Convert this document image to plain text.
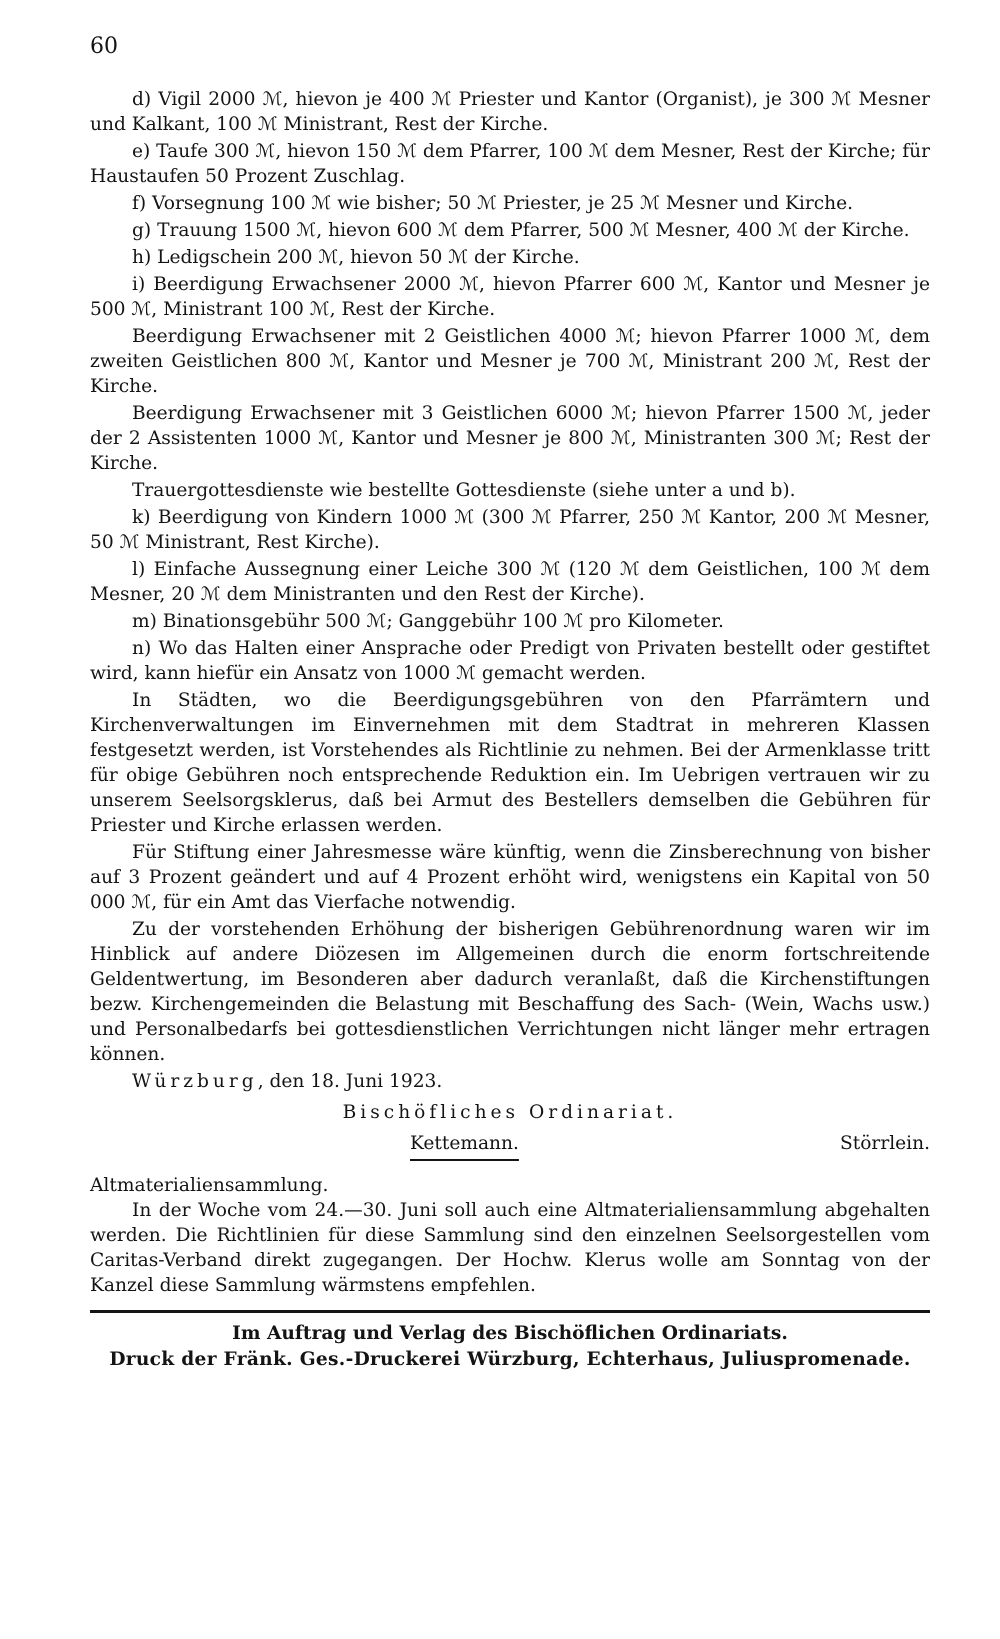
60

d) Vigil 2000 ℳ, hievon je 400 ℳ Priester und Kantor (Organist), je 300 ℳ Mesner und Kalkant, 100 ℳ Ministrant, Rest der Kirche.

e) Taufe 300 ℳ, hievon 150 ℳ dem Pfarrer, 100 ℳ dem Mesner, Rest der Kirche; für Haustaufen 50 Prozent Zuschlag.

f) Vorsegnung 100 ℳ wie bisher; 50 ℳ Priester, je 25 ℳ Mesner und Kirche.

g) Trauung 1500 ℳ, hievon 600 ℳ dem Pfarrer, 500 ℳ Mesner, 400 ℳ der Kirche.

h) Ledigschein 200 ℳ, hievon 50 ℳ der Kirche.

i) Beerdigung Erwachsener 2000 ℳ, hievon Pfarrer 600 ℳ, Kantor und Mesner je 500 ℳ, Ministrant 100 ℳ, Rest der Kirche.

Beerdigung Erwachsener mit 2 Geistlichen 4000 ℳ; hievon Pfarrer 1000 ℳ, dem zweiten Geistlichen 800 ℳ, Kantor und Mesner je 700 ℳ, Ministrant 200 ℳ, Rest der Kirche.

Beerdigung Erwachsener mit 3 Geistlichen 6000 ℳ; hievon Pfarrer 1500 ℳ, jeder der 2 Assistenten 1000 ℳ, Kantor und Mesner je 800 ℳ, Ministranten 300 ℳ; Rest der Kirche.

Trauergottesdienste wie bestellte Gottesdienste (siehe unter a und b).

k) Beerdigung von Kindern 1000 ℳ (300 ℳ Pfarrer, 250 ℳ Kantor, 200 ℳ Mesner, 50 ℳ Ministrant, Rest Kirche).

l) Einfache Aussegnung einer Leiche 300 ℳ (120 ℳ dem Geistlichen, 100 ℳ dem Mesner, 20 ℳ dem Ministranten und den Rest der Kirche).

m) Binationsgebühr 500 ℳ; Ganggebühr 100 ℳ pro Kilometer.

n) Wo das Halten einer Ansprache oder Predigt von Privaten bestellt oder gestiftet wird, kann hiefür ein Ansatz von 1000 ℳ gemacht werden.

In Städten, wo die Beerdigungsgebühren von den Pfarrämtern und Kirchenverwaltungen im Einvernehmen mit dem Stadtrat in mehreren Klassen festgesetzt werden, ist Vorstehendes als Richtlinie zu nehmen. Bei der Armenklasse tritt für obige Gebühren noch entsprechende Reduktion ein. Im Uebrigen vertrauen wir zu unserem Seelsorgsklerus, daß bei Armut des Bestellers demselben die Gebühren für Priester und Kirche erlassen werden.

Für Stiftung einer Jahresmesse wäre künftig, wenn die Zinsberechnung von bisher auf 3 Prozent geändert und auf 4 Prozent erhöht wird, wenigstens ein Kapital von 50 000 ℳ, für ein Amt das Vierfache notwendig.

Zu der vorstehenden Erhöhung der bisherigen Gebührenordnung waren wir im Hinblick auf andere Diözesen im Allgemeinen durch die enorm fortschreitende Geldentwertung, im Besonderen aber dadurch veranlaßt, daß die Kirchenstiftungen bezw. Kirchengemeinden die Belastung mit Beschaffung des Sach- (Wein, Wachs usw.) und Personalbedarfs bei gottesdienstlichen Verrichtungen nicht länger mehr ertragen können.

Würzburg, den 18. Juni 1923.

Bischöfliches Ordinariat.

Kettemann.	Störrlein.

Altmaterialiensammlung.

In der Woche vom 24.—30. Juni soll auch eine Altmaterialiensammlung abgehalten werden. Die Richtlinien für diese Sammlung sind den einzelnen Seelsorgestellen vom Caritas-Verband direkt zugegangen. Der Hochw. Klerus wolle am Sonntag von der Kanzel diese Sammlung wärmstens empfehlen.

Im Auftrag und Verlag des Bischöflichen Ordinariats.

Druck der Fränk. Ges.-Druckerei Würzburg, Echterhaus, Juliuspromenade.
